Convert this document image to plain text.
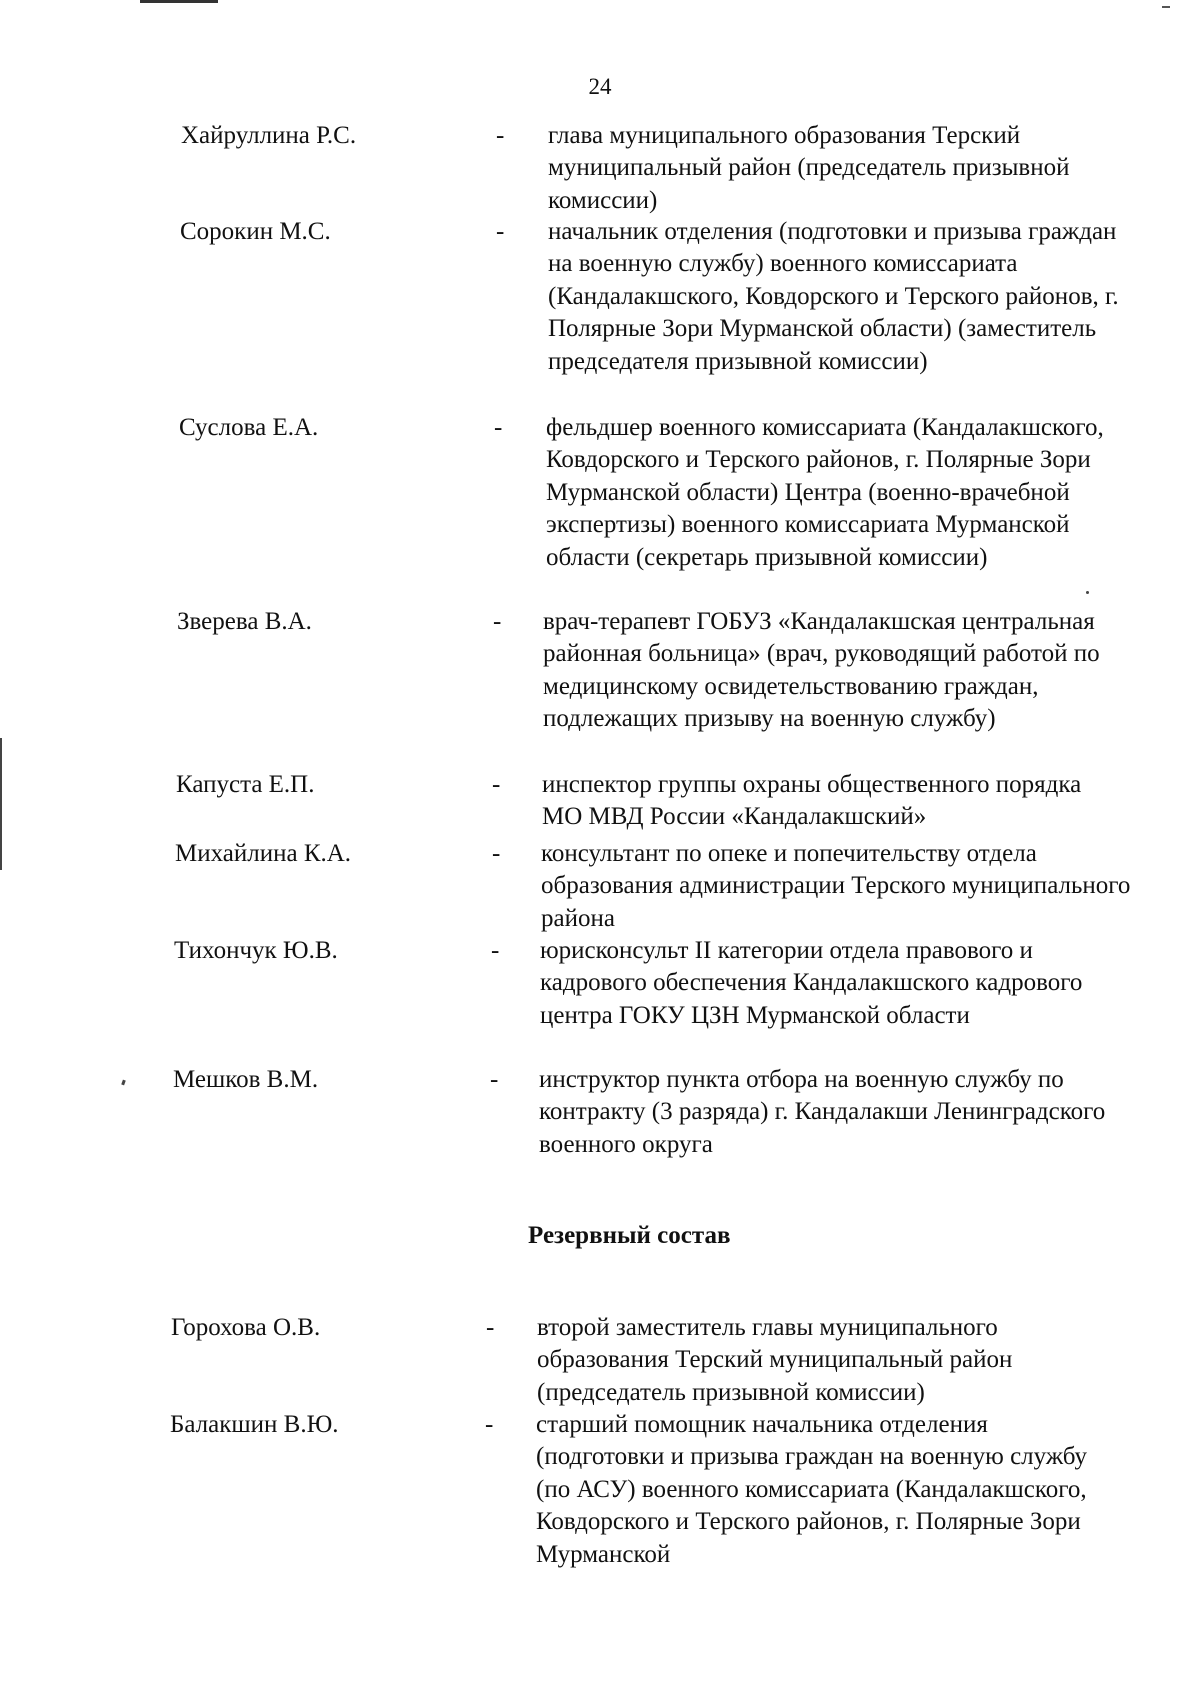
24
Хайруллина Р.С.	- глава муниципального образования Терский муниципальный район (председатель призывной комиссии)
Сорокин М.С.	- начальник отделения (подготовки и призыва граждан на военную службу) военного комиссариата (Кандалакшского, Ковдорского и Терского районов, г. Полярные Зори Мурманской области) (заместитель председателя призывной комиссии)
Суслова Е.А.	- фельдшер военного комиссариата (Кандалакшского, Ковдорского и Терского районов, г. Полярные Зори Мурманской области) Центра (военно-врачебной экспертизы) военного комиссариата Мурманской области (секретарь призывной комиссии)
Зверева В.А.	- врач-терапевт ГОБУЗ «Кандалакшская центральная районная больница» (врач, руководящий работой по медицинскому освидетельствованию граждан, подлежащих призыву на военную службу)
Капуста Е.П.	- инспектор группы охраны общественного порядка МО МВД России «Кандалакшский»
Михайлина К.А.	- консультант по опеке и попечительству отдела образования администрации Терского муниципального района
Тихончук Ю.В.	- юрисконсульт II категории отдела правового и кадрового обеспечения Кандалакшского кадрового центра ГОКУ ЦЗН Мурманской области
Мешков В.М.	- инструктор пункта отбора на военную службу по контракту (3 разряда) г. Кандалакши Ленинградского военного округа
Резервный состав
Горохова О.В.	- второй заместитель главы муниципального образования Терский муниципальный район (председатель призывной комиссии)
Балакшин В.Ю.	- старший помощник начальника отделения (подготовки и призыва граждан на военную службу (по АСУ) военного комиссариата (Кандалакшского, Ковдорского и Терского районов, г. Полярные Зори Мурманской
